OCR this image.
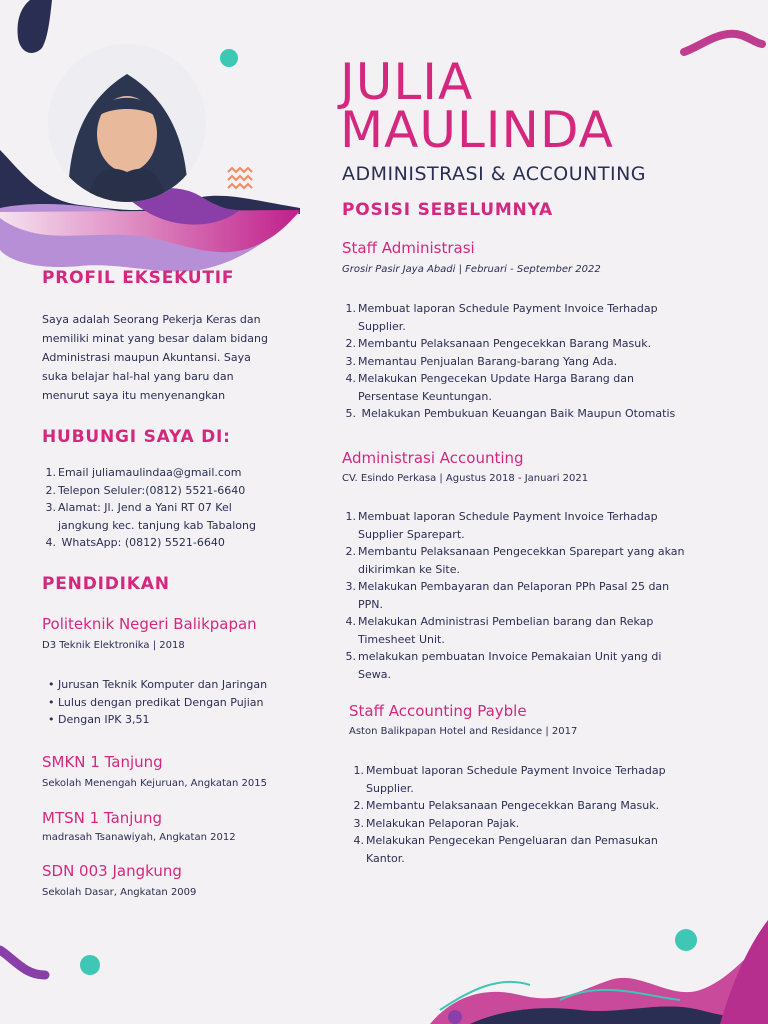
JULIA
MAULINDA
ADMINISTRASI & ACCOUNTING
PROFIL EKSEKUTIF
Saya adalah Seorang Pekerja Keras dan
memiliki minat yang besar dalam bidang
Administrasi maupun Akuntansi. Saya
suka belajar hal-hal yang baru dan
menurut saya itu menyenangkan
HUBUNGI SAYA DI:
1. Email juliamaulindaa@gmail.com
2. Telepon Seluler:(0812) 5521-6640
3. Alamat: Jl. Jend a Yani RT 07 Kel
jangkung kec. tanjung kab Tabalong
4. WhatsApp: (0812) 5521-6640
PENDIDIKAN
Politeknik Negeri Balikpapan
D3 Teknik Elektronika | 2018
• Jurusan Teknik Komputer dan Jaringan
• Lulus dengan predikat Dengan Pujian
• Dengan IPK 3,51
SMKN 1 Tanjung
Sekolah Menengah Kejuruan, Angkatan 2015
MTSN 1 Tanjung
madrasah Tsanawiyah, Angkatan 2012
SDN 003 Jangkung
Sekolah Dasar, Angkatan 2009
POSISI SEBELUMNYA
Staff Administrasi
Grosir Pasir Jaya Abadi | Februari - September 2022
1. Membuat laporan Schedule Payment Invoice Terhadap
Supplier.
2. Membantu Pelaksanaan Pengecekkan Barang Masuk.
3. Memantau Penjualan Barang-barang Yang Ada.
4. Melakukan Pengecekan Update Harga Barang dan
Persentase Keuntungan.
5. Melakukan Pembukuan Keuangan Baik Maupun Otomatis
Administrasi Accounting
CV. Esindo Perkasa | Agustus 2018 - Januari 2021
1. Membuat laporan Schedule Payment Invoice Terhadap
Supplier Sparepart.
2. Membantu Pelaksanaan Pengecekkan Sparepart yang akan
dikirimkan ke Site.
3. Melakukan Pembayaran dan Pelaporan PPh Pasal 25 dan
PPN.
4. Melakukan Administrasi Pembelian barang dan Rekap
Timesheet Unit.
5. melakukan pembuatan Invoice Pemakaian Unit yang di
Sewa.
Staff Accounting Payble
Aston Balikpapan Hotel and Residance | 2017
1. Membuat laporan Schedule Payment Invoice Terhadap
Supplier.
2. Membantu Pelaksanaan Pengecekkan Barang Masuk.
3. Melakukan Pelaporan Pajak.
4. Melakukan Pengecekan Pengeluaran dan Pemasukan
Kantor.
